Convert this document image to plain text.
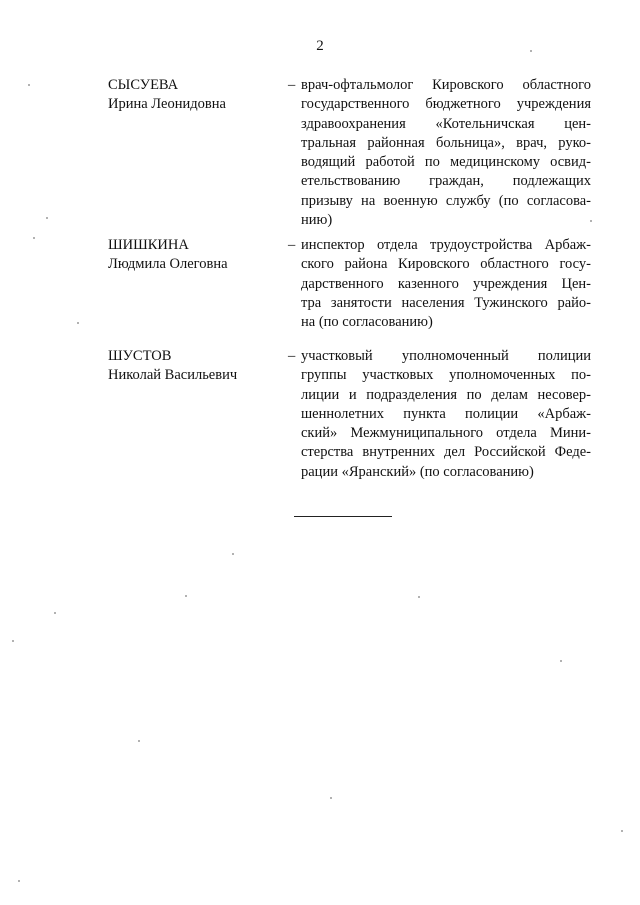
2
СЫСУЕВА
Ирина Леонидовна
– врач-офтальмолог Кировского областного
государственного бюджетного учреждения
здравоохранения «Котельничская цен-
тральная районная больница», врач, руко-
водящий работой по медицинскому освид-
етельствованию граждан, подлежащих
призыву на военную службу (по согласова-
нию)
ШИШКИНА
Людмила Олеговна
– инспектор отдела трудоустройства Арбаж-
ского района Кировского областного госу-
дарственного казенного учреждения Цен-
тра занятости населения Тужинского райо-
на (по согласованию)
ШУСТОВ
Николай Васильевич
– участковый уполномоченный полиции
группы участковых уполномоченных по-
лиции и подразделения по делам несовер-
шеннолетних пункта полиции «Арбаж-
ский» Межмуниципального отдела Мини-
стерства внутренних дел Российской Феде-
рации «Яранский» (по согласованию)
